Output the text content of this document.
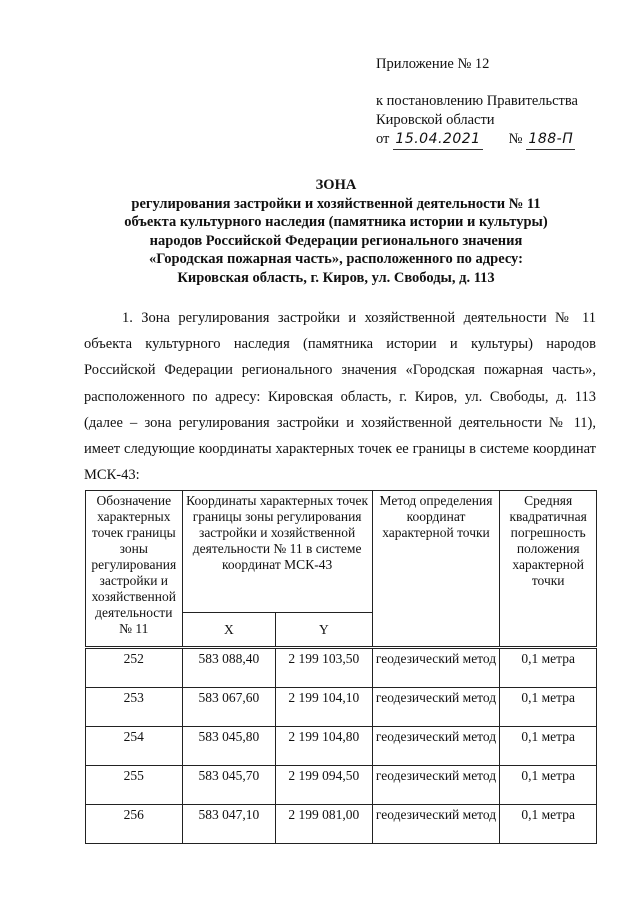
Приложение № 12
к постановлению Правительства
Кировской области
от 15.04.2021 № 188-П
ЗОНА
регулирования застройки и хозяйственной деятельности № 11
объекта культурного наследия (памятника истории и культуры)
народов Российской Федерации регионального значения
«Городская пожарная часть», расположенного по адресу:
Кировская область, г. Киров, ул. Свободы, д. 113

1. Зона регулирования застройки и хозяйственной деятельности № 11 объекта культурного наследия (памятника истории и культуры) народов Российской Федерации регионального значения «Городская пожарная часть», расположенного по адресу: Кировская область, г. Киров, ул. Свободы, д. 113 (далее – зона регулирования застройки и хозяйственной деятельности № 11), имеет следующие координаты характерных точек ее границы в системе координат МСК-43:

Обозначение характерных точек границы зоны регулирования застройки и хозяйственной деятельности № 11	Координаты характерных точек границы зоны регулирования застройки и хозяйственной деятельности № 11 в системе координат МСК-43		Метод определения координат характерной точки	Средняя квадратичная погрешность положения характерной точки
	X	Y		
252	583 088,40	2 199 103,50	геодезический метод	0,1 метра
253	583 067,60	2 199 104,10	геодезический метод	0,1 метра
254	583 045,80	2 199 104,80	геодезический метод	0,1 метра
255	583 045,70	2 199 094,50	геодезический метод	0,1 метра
256	583 047,10	2 199 081,00	геодезический метод	0,1 метра
